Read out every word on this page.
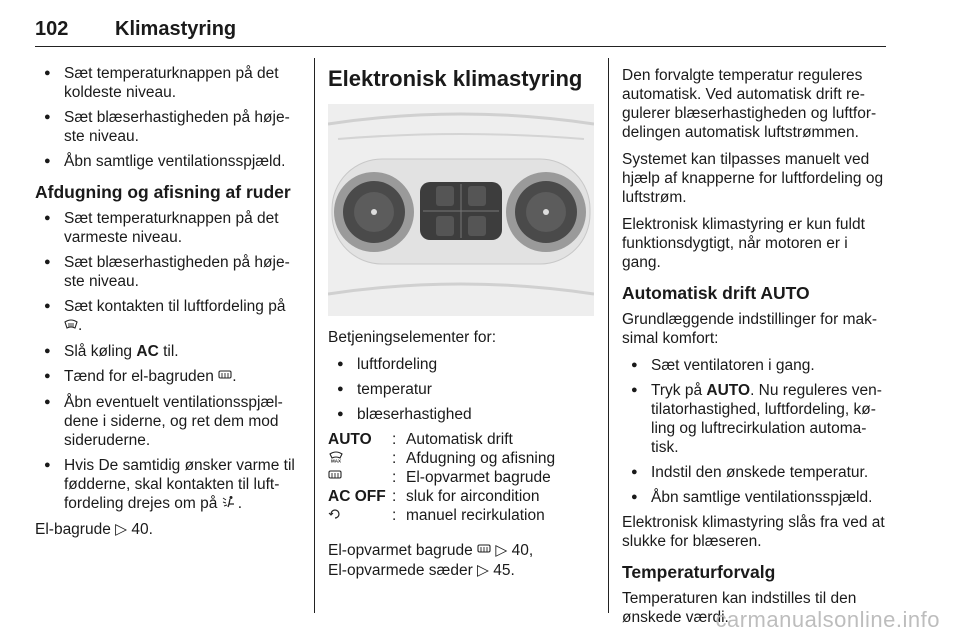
102 Klimastyring
● Sæt temperaturknappen på det koldeste niveau.
● Sæt blæserhastigheden på høje-ste niveau.
● Åbn samtlige ventilationsspjæld.
Afdugning og afisning af ruder
● Sæt temperaturknappen på det varmeste niveau.
● Sæt blæserhastigheden på høje-ste niveau.
● Sæt kontakten til luftfordeling på .
● Slå køling AC til.
● Tænd for el-bagruden .
● Åbn eventuelt ventilationsspjæl-dene i siderne, og ret dem mod sideruderne.
● Hvis De samtidig ønsker varme til fødderne, skal kontakten til luft-fordeling drejes om på .

El-bagrude ▷ 40.

Elektronisk klimastyring

Betjeningselementer for:

● luftfordeling
● temperatur
● blæserhastighed
AUTO	: Automatisk drift
MAX	: Afdugning og afisning
: El-opvarmet bagrude
AC OFF : sluk for aircondition
: manuel recirkulation

El-opvarmet bagrude  ▷ 40,

El-opvarmede sæder ▷ 45.

Den forvalgte temperatur reguleres automatisk. Ved automatisk drift re-gulerer blæserhastigheden og luftfor-delingen automatisk luftstrømmen.

Systemet kan tilpasses manuelt ved hjælp af knapperne for luftfordeling og luftstrøm.

Elektronisk klimastyring er kun fuldt funktionsdygtigt, når motoren er i gang.

Automatisk drift AUTO

Grundlæggende indstillinger for mak-simal komfort:

● Sæt ventilatoren i gang.
● Tryk på AUTO. Nu reguleres ven-tilatorhastighed, luftfordeling, kø-ling og luftrecirkulation automa-tisk.
● Indstil den ønskede temperatur.
● Åbn samtlige ventilationsspjæld.

Elektronisk klimastyring slås fra ved at slukke for blæseren.

Temperaturforvalg

Temperaturen kan indstilles til den ønskede værdi.

carmanualsonline.info
